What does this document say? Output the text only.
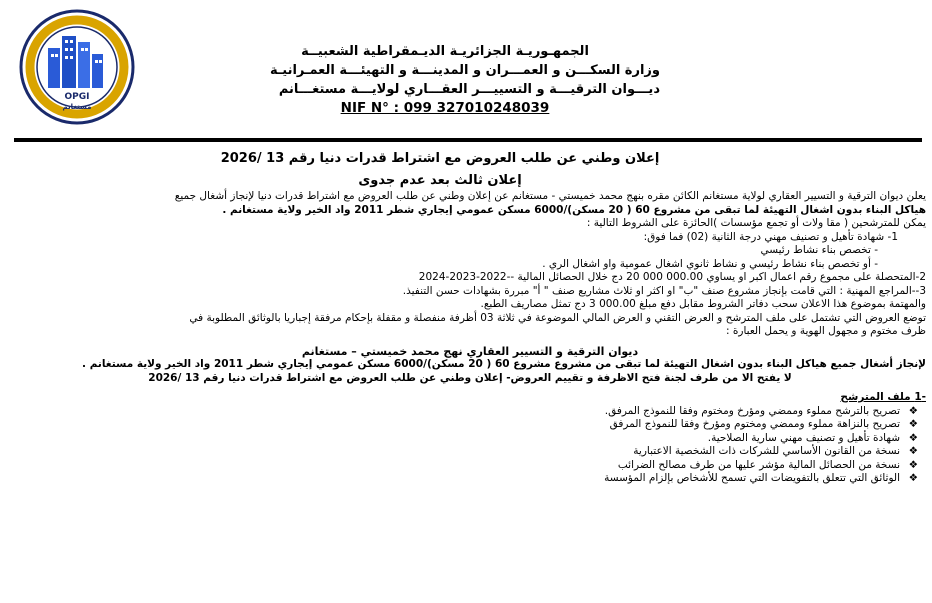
OPGI
مستغانم
الجمهـوريـة الجزائريـة الديـمقراطية الشعبيــة
وزارة السكـــن و العمـــران و المدينـــة و التهيئـــة العمـرانيـة
ديـــوان الترقيـــة و التسييـــر العقـــاري لولايـــة مستغـــانم
NIF N° : 099 327010248039
إعلان وطني عن طلب العروض مع اشتراط قدرات دنيا رقم 13 /2026
إعلان ثالث بعد عدم جدوى

يعلن ديوان الترقية و التسيير العقاري لولاية مستغانم الكائن مقره بنهج محمد خميستي - مستغانم عن إعلان وطني عن طلب العروض مع اشتراط قدرات دنيا لإنجاز أشغال جميع

هياكل البناء بدون اشغال التهيئة لما تبقى من مشروع 60 ( 20 مسكن)/6000 مسكن عمومي إيجاري شطر 2011 واد الخير ولاية مستغانم .

يمكن للمترشحين ( مقا ولات أو تجمع مؤسسات )الحائزة على الشروط التالية :

1- شهادة تأهيل و تصنيف مهني درجة الثانية (02) فما فوق:

- تخصص بناء نشاط رئيسي

- أو تخصص بناء نشاط رئيسي و نشاط ثانوي اشغال عمومية واو اشغال الري .

2-المتحصلة على مجموع رقم اعمال اكبر او يساوي 000.00 000 20 دج خلال الحصائل المالية --2022-2023-2024

3--المراجع المهنية : التي قامت بإنجاز مشروع صنف "ب" او اكثر او ثلاث مشاريع صنف " أ" مبررة بشهادات حسن التنفيذ.

والمهتمة بموضوع هذا الاعلان سحب دفاتر الشروط مقابل دفع مبلغ 000.00 3 دج تمثل مصاريف الطبع.

توضع العروض التي تشتمل على ملف المترشح و العرض التقني و العرض المالي الموضوعة في ثلاثة 03 أظرفة منفصلة و مقفلة بإحكام مرفقة إجباريا بالوثائق المطلوبة في

ظرف مختوم و مجهول الهوية و يحمل العبارة :

ديوان الترقية و التسيير العقاري نهج محمد خميستي – مستغانم

لإنجاز أشغال جميع هياكل البناء بدون اشغال التهيئة لما تبقى من مشروع مشروع 60 ( 20 مسكن)/6000 مسكن عمومي إيجاري شطر 2011 واد الخير ولاية مستغانم .

لا يفتح الا من طرف لجنة فتح الاظرفة و تقييم العروض- إعلان وطني عن طلب العروض مع اشتراط قدرات دنيا رقم 13 /2026

-1 ملف المترشح

❖تصريح بالترشح مملوء وممضي ومؤرخ ومختوم وفقا للنموذج المرفق.

❖تصريح بالنزاهة مملوء وممضي ومختوم ومؤرخ وفقا للنموذج المرفق

❖شهادة تأهيل و تصنيف مهني سارية الصلاحية.

❖نسخة من القانون الأساسي للشركات ذات الشخصية الاعتبارية

❖نسخة من الحصائل المالية مؤشر عليها من طرف مصالح الضرائب

❖الوثائق التي تتعلق بالتفويضات التي تسمح للأشخاص بإلزام المؤسسة
